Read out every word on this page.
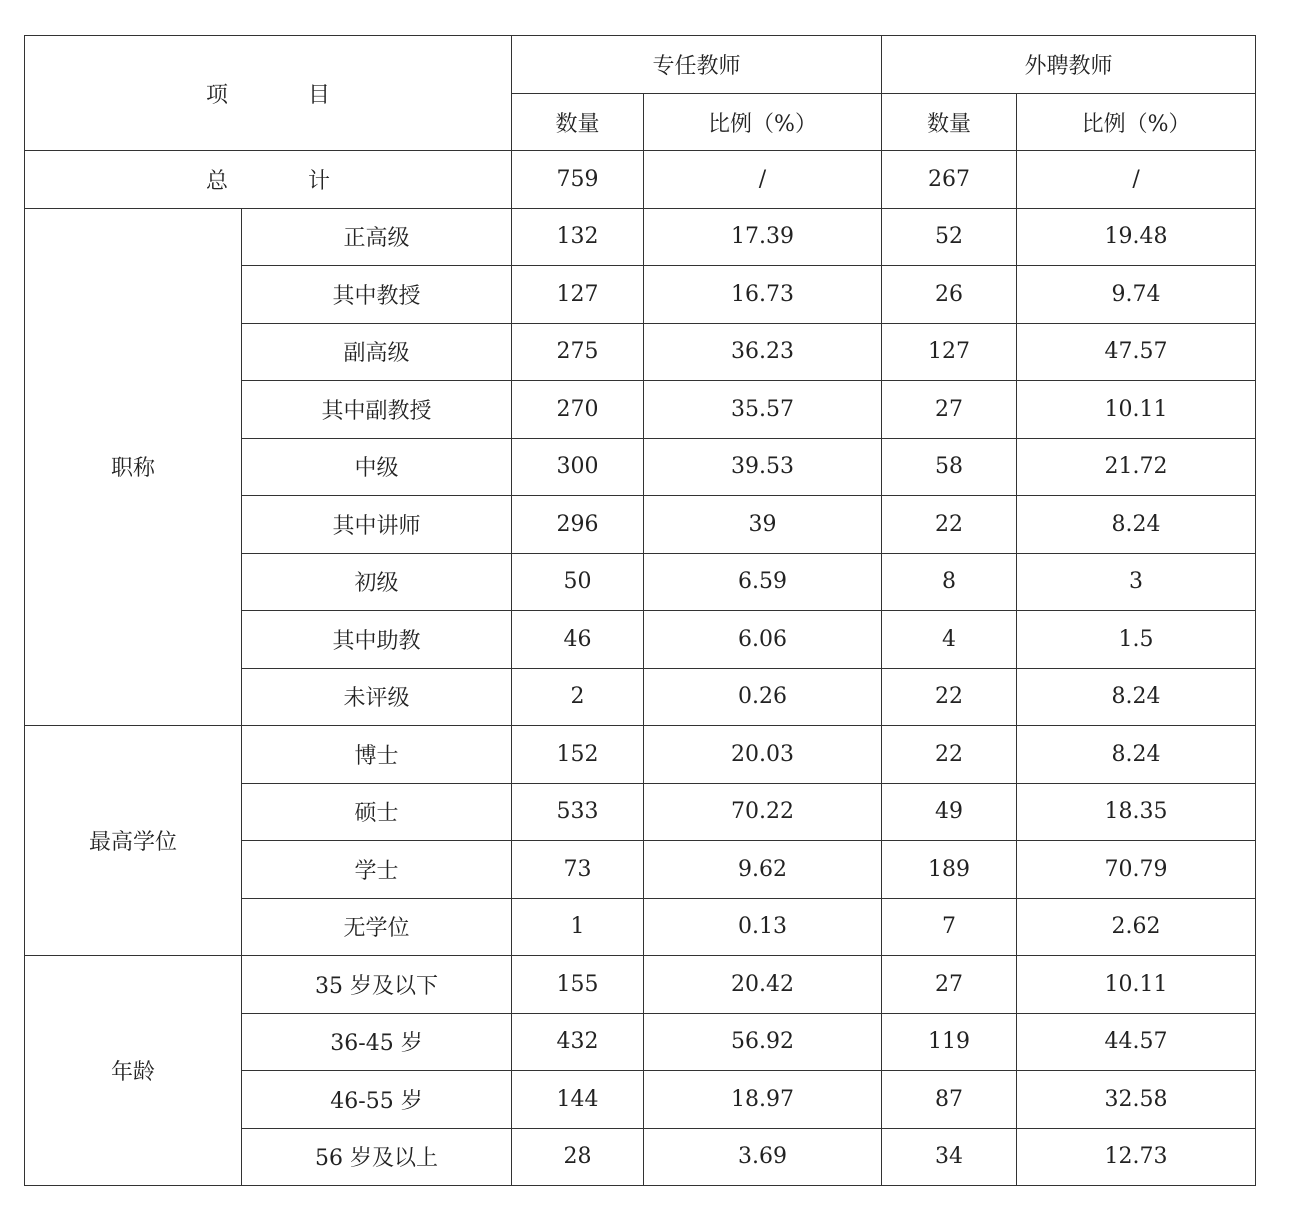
项 目		专任教师		外聘教师	
		数量	比例（%）	数量	比例（%）
总 计		759	/	267	/
职称	正高级	132	17.39	52	19.48
	其中教授	127	16.73	26	9.74
	副高级	275	36.23	127	47.57
	其中副教授	270	35.57	27	10.11
	中级	300	39.53	58	21.72
	其中讲师	296	39	22	8.24
	初级	50	6.59	8	3
	其中助教	46	6.06	4	1.5
	未评级	2	0.26	22	8.24
最高学位	博士	152	20.03	22	8.24
	硕士	533	70.22	49	18.35
	学士	73	9.62	189	70.79
	无学位	1	0.13	7	2.62
年龄	35 岁及以下	155	20.42	27	10.11
	36-45 岁	432	56.92	119	44.57
	46-55 岁	144	18.97	87	32.58
	56 岁及以上	28	3.69	34	12.73
